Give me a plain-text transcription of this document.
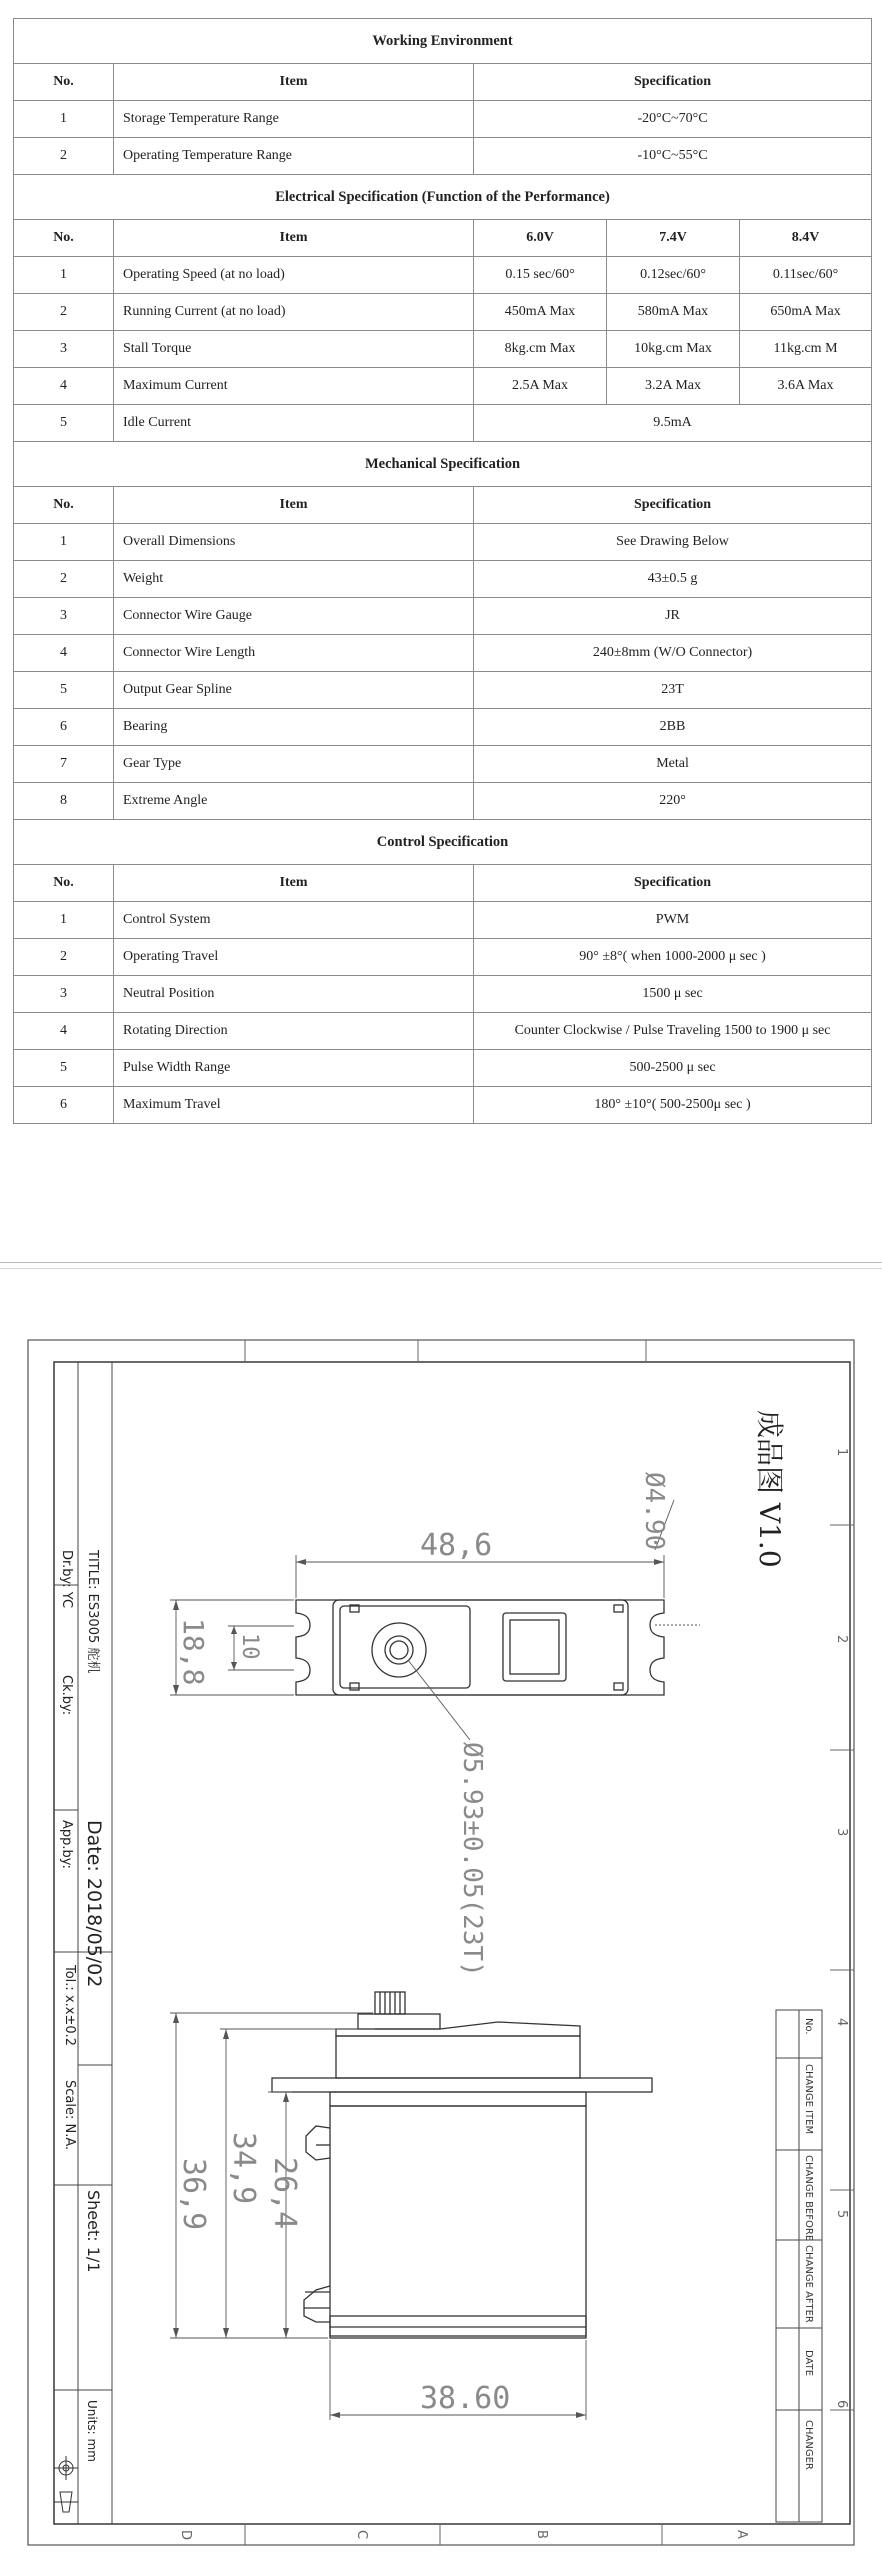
Working Environment				
No.	Item	Specification		
1	Storage Temperature Range	-20°C~70°C		
2	Operating Temperature Range	-10°C~55°C		
Electrical Specification (Function of the Performance)				
No.	Item	6.0V	7.4V	8.4V
1	Operating Speed (at no load)	0.15 sec/60°	0.12sec/60°	0.11sec/60°
2	Running Current (at no load)	450mA Max	580mA Max	650mA Max
3	Stall Torque	8kg.cm Max	10kg.cm Max	11kg.cm M
4	Maximum Current	2.5A Max	3.2A Max	3.6A Max
5	Idle Current	9.5mA		
Mechanical Specification				
No.	Item	Specification		
1	Overall Dimensions	See Drawing Below		
2	Weight	43±0.5 g		
3	Connector Wire Gauge	JR		
4	Connector Wire Length	240±8mm (W/O Connector)		
5	Output Gear Spline	23T		
6	Bearing	2BB		
7	Gear Type	Metal		
8	Extreme Angle	220°		
Control Specification				
No.	Item	Specification		
1	Control System	PWM		
2	Operating Travel	90° ±8°( when 1000-2000 μ sec )		
3	Neutral Position	1500 μ sec		
4	Rotating Direction	Counter Clockwise / Pulse Traveling 1500 to 1900 μ sec		
5	Pulse Width Range	500-2500 μ sec		
6	Maximum Travel	180° ±10°( 500-2500μ sec )		
1
2
3
4
5
6
D	C	B	A
TITLE: ES3005 舵机
Dr.by: YC
Ck.by:
App.by: Date: 2018/05/02
Tol.: x.x±0.2
Scale: N.A.
Sheet: 1/1
Units: mm
No.
CHANGE ITEM
CHANGE BEFORE
CHANGE AFTER
DATE
CHANGER
成品图 V1.0
48,6	Ø4.90
18,8 10
Ø5.93±0.05(23T)
36,9 34,9 26,4
38.60
